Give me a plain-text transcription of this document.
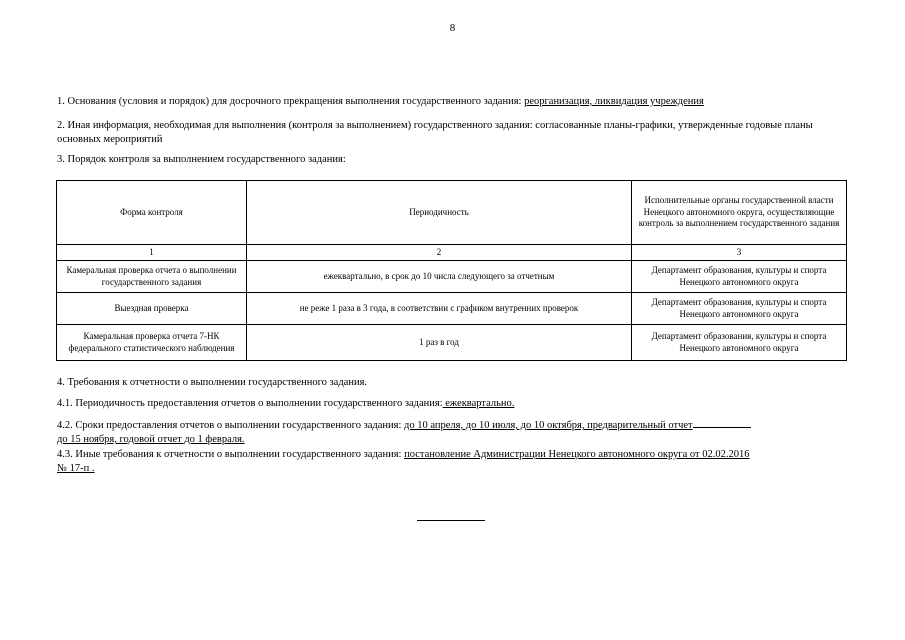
8
1. Основания (условия и порядок) для досрочного прекращения выполнения государственного задания: реорганизация, ликвидация учреждения
2. Иная информация, необходимая для выполнения (контроля за выполнением) государственного задания: согласованные планы-графики, утвержденные годовые планы основных мероприятий
3. Порядок контроля за выполнением государственного задания:
Форма контроля	Периодичность	Исполнительные органы государственной власти Ненецкого автономного округа, осуществляющие контроль за выполнением государственного задания
1	2	3
Камеральная проверка отчета о выполнении государственного задания	ежеквартально, в срок до 10 числа следующего за отчетным	Департамент образования, культуры и спорта Ненецкого автономного округа
Выездная проверка	не реже 1 раза в 3 года, в соответствии с графиком внутренних проверок	Департамент образования, культуры и спорта Ненецкого автономного округа
Камеральная проверка отчета 7-НК федерального статистического наблюдения	1 раз в год	Департамент образования, культуры и спорта Ненецкого автономного округа
4. Требования к отчетности о выполнении государственного задания.
4.1. Периодичность предоставления отчетов о выполнении государственного задания: ежеквартально.
4.2. Сроки предоставления отчетов о выполнении государственного задания: до 10 апреля, до 10 июля, до 10 октября, предварительный отчет
до 15 ноября, годовой отчет до 1 февраля.
4.3. Иные требования к отчетности о выполнении государственного задания: постановление Администрации Ненецкого автономного округа от 02.02.2016
№ 17-п .
